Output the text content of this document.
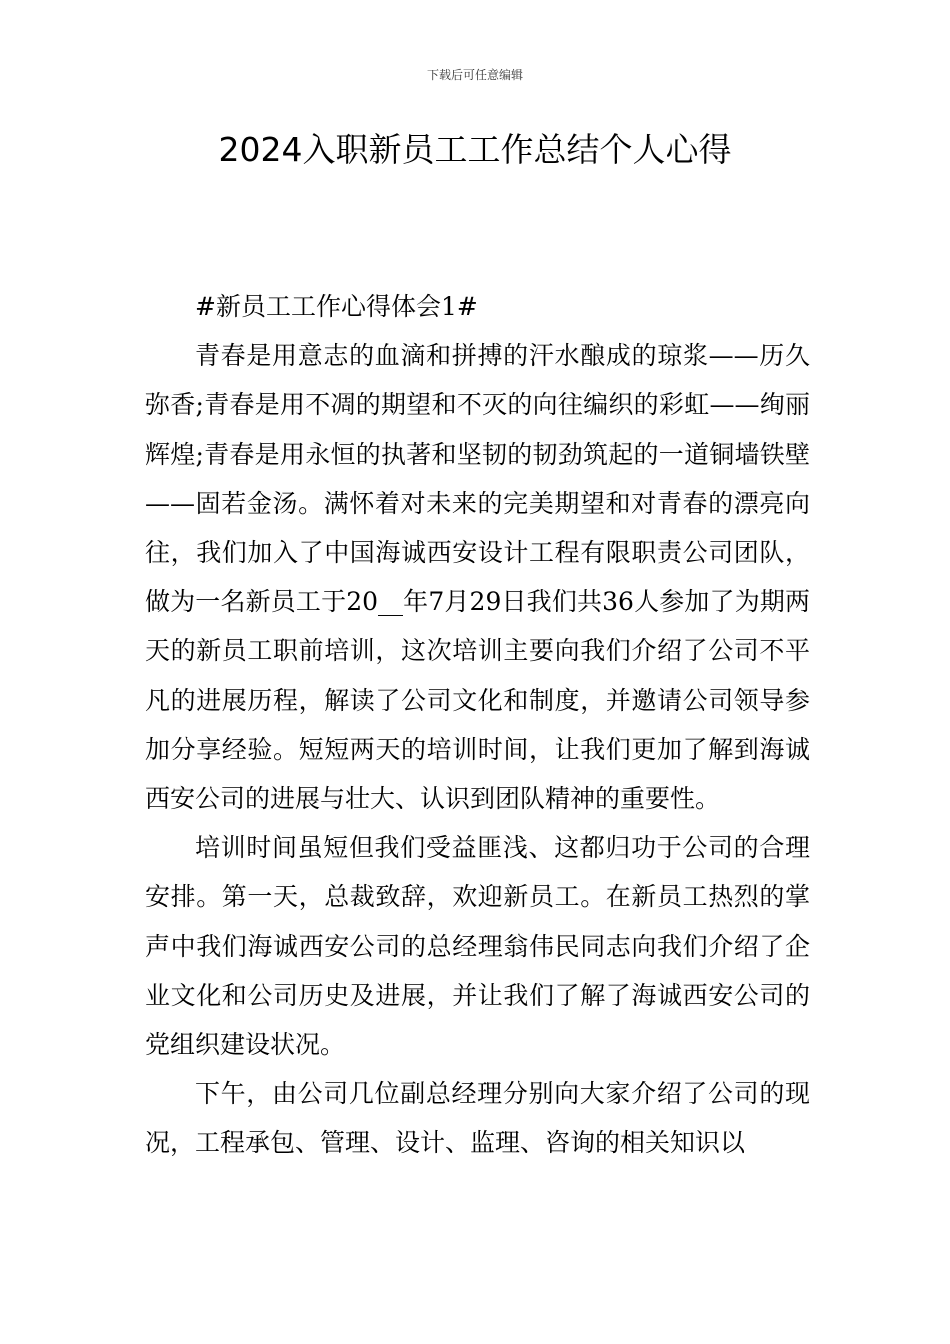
下载后可任意编辑
2024入职新员工工作总结个人心得

#新员工工作心得体会1#

青春是用意志的血滴和拼搏的汗水酿成的琼浆——历久弥香;青春是用不凋的期望和不灭的向往编织的彩虹——绚丽辉煌;青春是用永恒的执著和坚韧的韧劲筑起的一道铜墙铁壁——固若金汤。满怀着对未来的完美期望和对青春的漂亮向往，我们加入了中国海诚西安设计工程有限职责公司团队，做为一名新员工于20__年7月29日我们共36人参加了为期两天的新员工职前培训，这次培训主要向我们介绍了公司不平凡的进展历程，解读了公司文化和制度，并邀请公司领导参加分享经验。短短两天的培训时间，让我们更加了解到海诚西安公司的进展与壮大、认识到团队精神的重要性。

培训时间虽短但我们受益匪浅、这都归功于公司的合理安排。第一天，总裁致辞，欢迎新员工。在新员工热烈的掌声中我们海诚西安公司的总经理翁伟民同志向我们介绍了企业文化和公司历史及进展，并让我们了解了海诚西安公司的党组织建设状况。

下午，由公司几位副总经理分别向大家介绍了公司的现况，工程承包、管理、设计、监理、咨询的相关知识以
